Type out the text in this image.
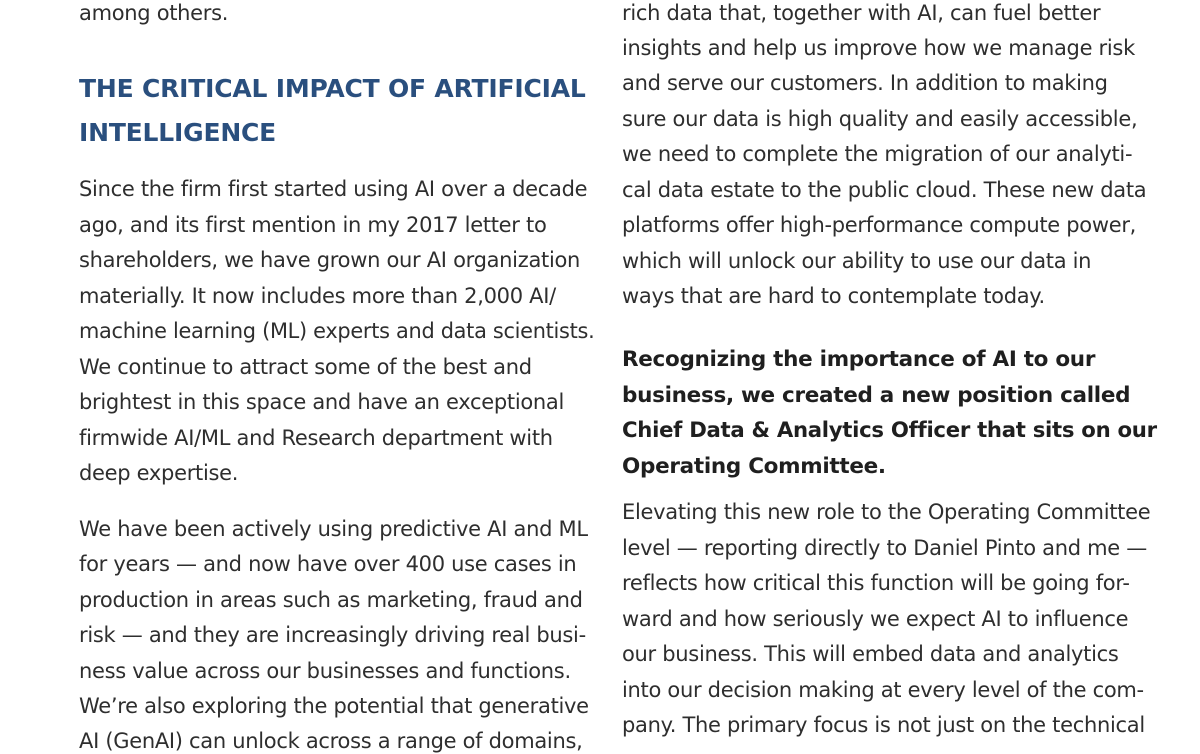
among others.
THE CRITICAL IMPACT OF ARTIFICIAL
INTELLIGENCE
Since the firm first started using AI over a decade
ago, and its first mention in my 2017 letter to
shareholders, we have grown our AI organization
materially. It now includes more than 2,000 AI/
machine learning (ML) experts and data scientists.
We continue to attract some of the best and
brightest in this space and have an exceptional
firmwide AI/ML and Research department with
deep expertise.
We have been actively using predictive AI and ML
for years — and now have over 400 use cases in
production in areas such as marketing, fraud and
risk — and they are increasingly driving real busi-
ness value across our businesses and functions.
We’re also exploring the potential that generative
AI (GenAI) can unlock across a range of domains,
rich data that, together with AI, can fuel better
insights and help us improve how we manage risk
and serve our customers. In addition to making
sure our data is high quality and easily accessible,
we need to complete the migration of our analyti-
cal data estate to the public cloud. These new data
platforms offer high-performance compute power,
which will unlock our ability to use our data in
ways that are hard to contemplate today.
Recognizing the importance of AI to our
business, we created a new position called
Chief Data & Analytics Officer that sits on our
Operating Committee.
Elevating this new role to the Operating Committee
level — reporting directly to Daniel Pinto and me —
reflects how critical this function will be going for-
ward and how seriously we expect AI to influence
our business. This will embed data and analytics
into our decision making at every level of the com-
pany. The primary focus is not just on the technical
